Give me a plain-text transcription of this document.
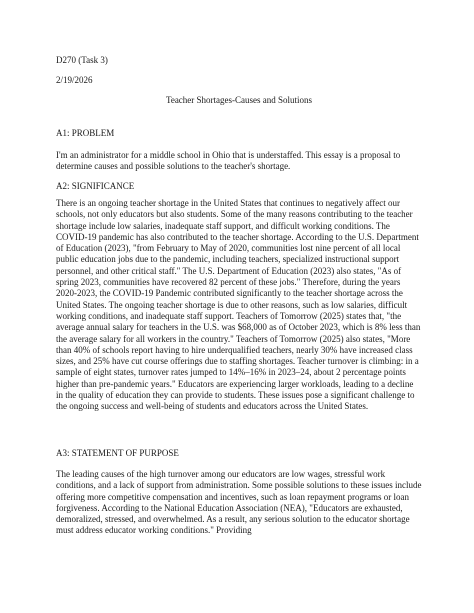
D270 (Task 3)

2/19/2026

Teacher Shortages-Causes and Solutions

A1: PROBLEM

I'm an administrator for a middle school in Ohio that is understaffed. This essay is a proposal to determine causes and possible solutions to the teacher's shortage.

A2: SIGNIFICANCE

There is an ongoing teacher shortage in the United States that continues to negatively affect our schools, not only educators but also students. Some of the many reasons contributing to the teacher shortage include low salaries, inadequate staff support, and difficult working conditions. The COVID-19 pandemic has also contributed to the teacher shortage. According to the U.S. Department of Education (2023), "from February to May of 2020, communities lost nine percent of all local public education jobs due to the pandemic, including teachers, specialized instructional support personnel, and other critical staff." The U.S. Department of Education (2023) also states, "As of spring 2023, communities have recovered 82 percent of these jobs." Therefore, during the years 2020-2023, the COVID-19 Pandemic contributed significantly to the teacher shortage across the United States. The ongoing teacher shortage is due to other reasons, such as low salaries, difficult working conditions, and inadequate staff support. Teachers of Tomorrow (2025) states that, "the average annual salary for teachers in the U.S. was $68,000 as of October 2023, which is 8% less than the average salary for all workers in the country." Teachers of Tomorrow (2025) also states, "More than 40% of schools report having to hire underqualified teachers, nearly 30% have increased class sizes, and 25% have cut course offerings due to staffing shortages. Teacher turnover is climbing: in a sample of eight states, turnover rates jumped to 14%–16% in 2023–24, about 2 percentage points higher than pre-pandemic years." Educators are experiencing larger workloads, leading to a decline in the quality of education they can provide to students. These issues pose a significant challenge to the ongoing success and well-being of students and educators across the United States.

A3: STATEMENT OF PURPOSE

The leading causes of the high turnover among our educators are low wages, stressful work conditions, and a lack of support from administration. Some possible solutions to these issues include offering more competitive compensation and incentives, such as loan repayment programs or loan forgiveness. According to the National Education Association (NEA), "Educators are exhausted, demoralized, stressed, and overwhelmed. As a result, any serious solution to the educator shortage must address educator working conditions." Providing
